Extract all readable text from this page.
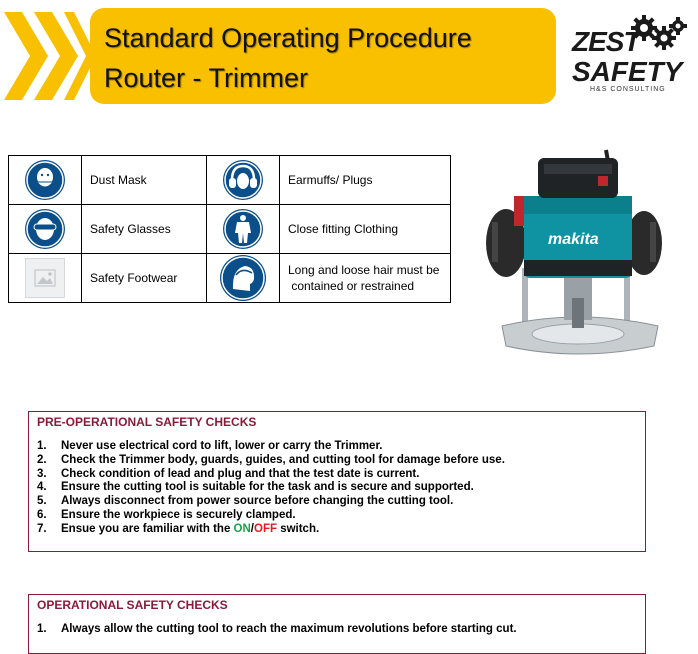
Standard Operating Procedure
Router - Trimmer
ZEST
SAFETY
H&S CONSULTING
	Dust Mask		Earmuffs/ Plugs
	Safety Glasses		Close fitting Clothing
	Safety Footwear		Long and loose hair must be
contained or restrained
makita
PRE-OPERATIONAL SAFETY CHECKS
1. Never use electrical cord to lift, lower or carry the Trimmer.
2. Check the Trimmer body, guards, guides, and cutting tool for damage before use.
3. Check condition of lead and plug and that the test date is current.
4. Ensure the cutting tool is suitable for the task and is secure and supported.
5. Always disconnect from power source before changing the cutting tool.
6. Ensure the workpiece is securely clamped.
7. Ensue you are familiar with the ON/OFF switch.
OPERATIONAL SAFETY CHECKS
1. Always allow the cutting tool to reach the maximum revolutions before starting cut.
